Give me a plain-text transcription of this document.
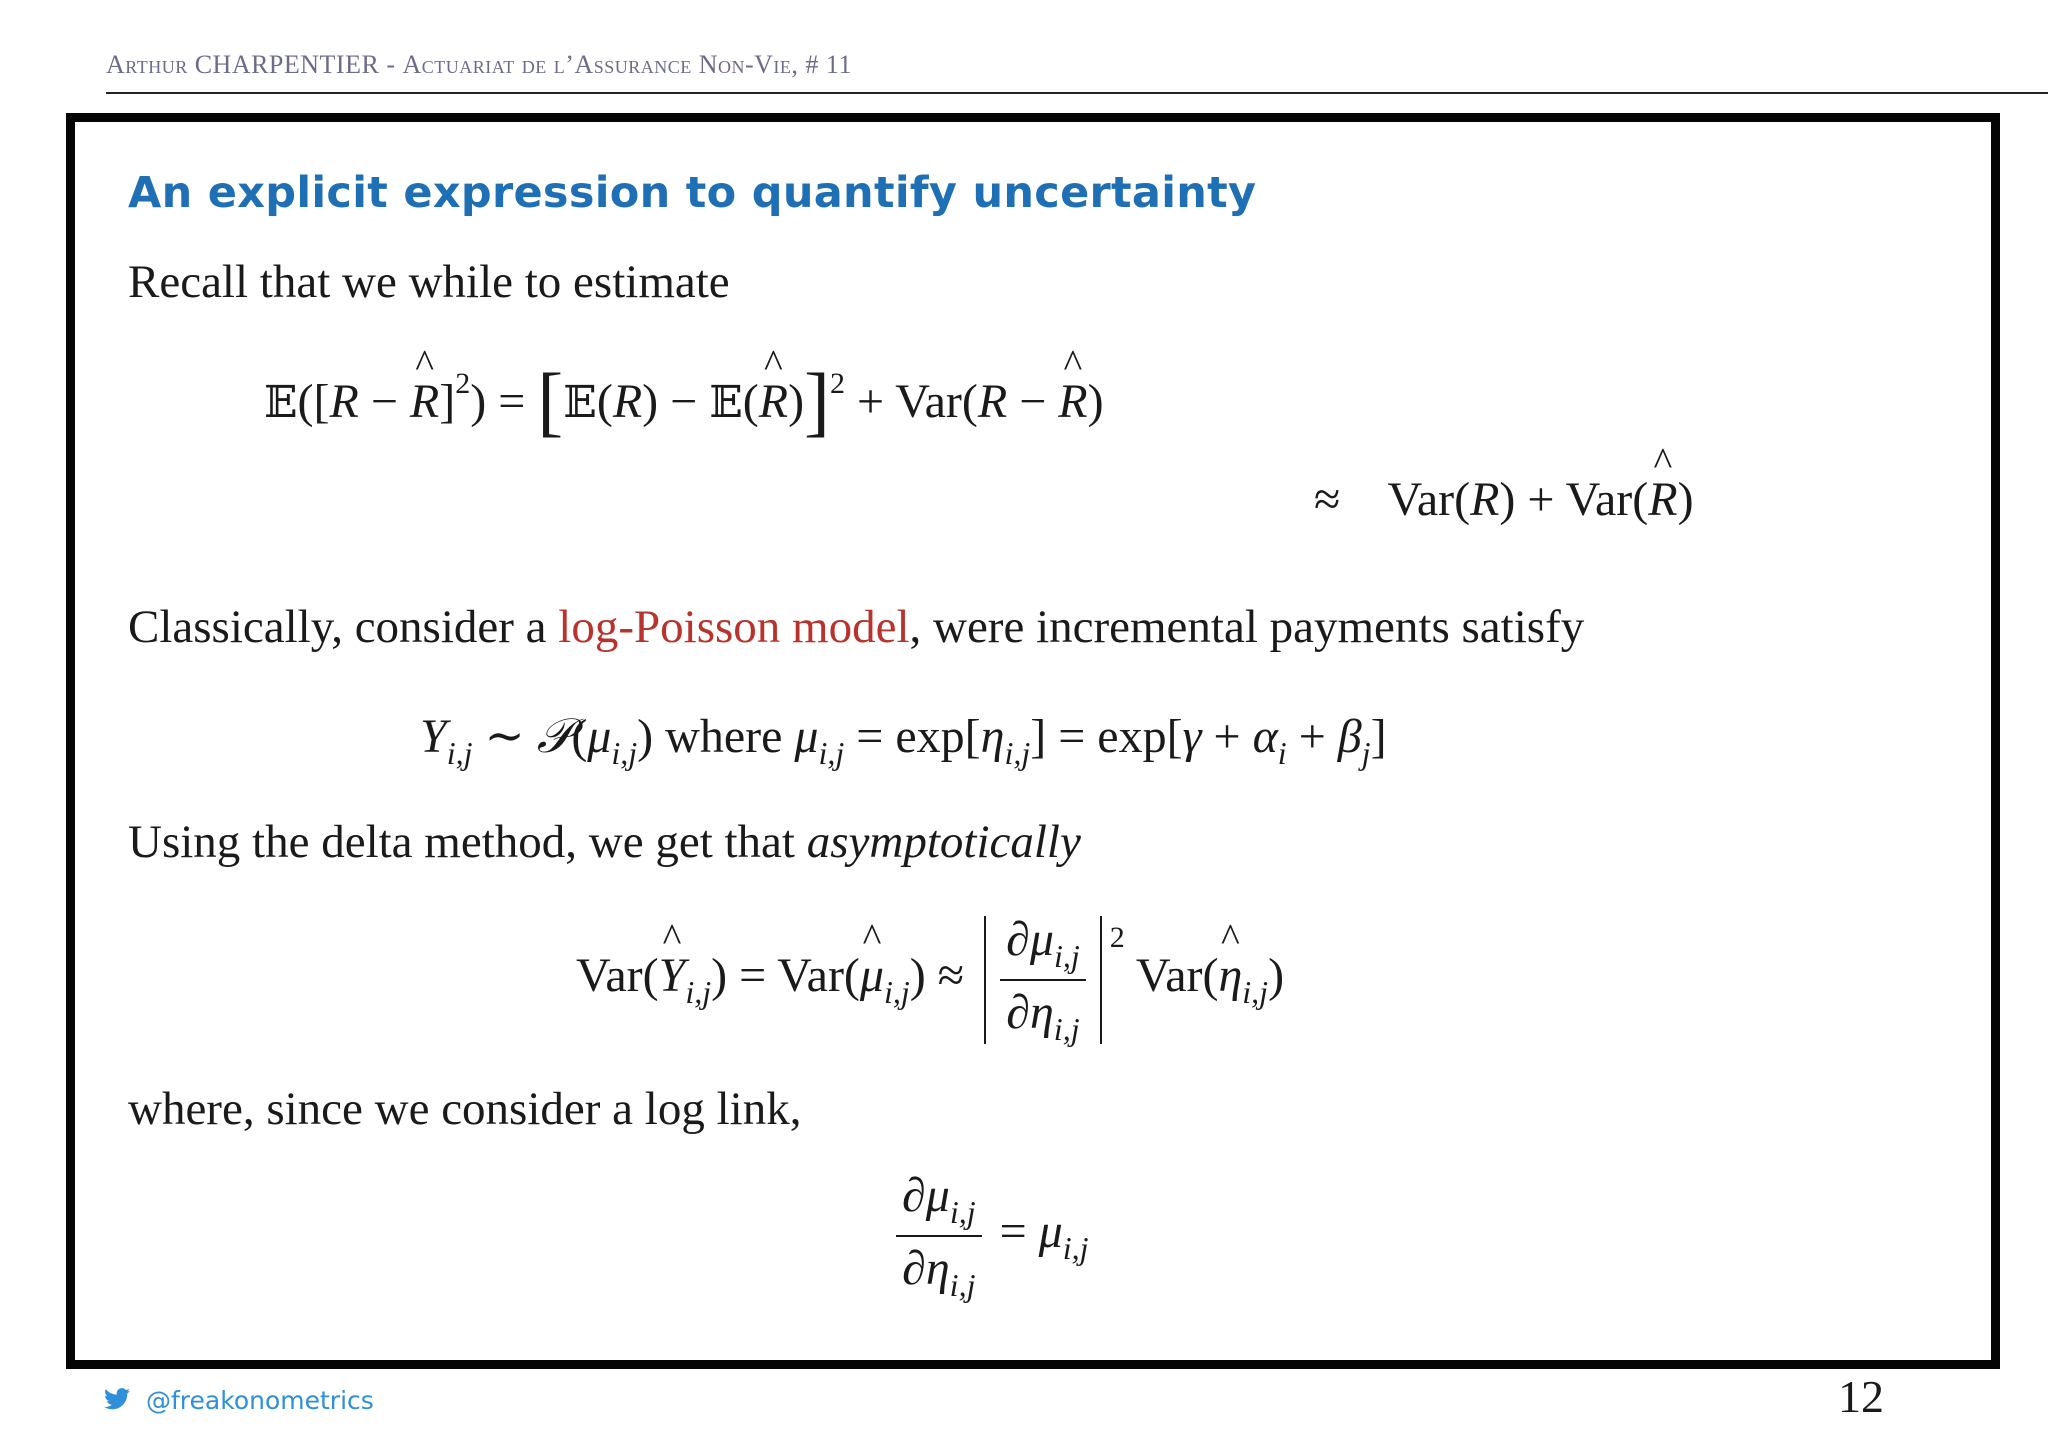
Arthur CHARPENTIER - Actuariat de l’Assurance Non-Vie, # 11
An explicit expression to quantify uncertainty
Recall that we while to estimate
𝔼([R − R
^
]$^2$) = [𝔼(R) − 𝔼(R
^
)]$^2$ + Var(R − R
^
)
≈    Var(R) + Var(R
^
)
Classically, consider a log-Poisson model, were incremental payments satisfy
$Y_{i,j}$ ∼ $𝒫(\mu_{i,j})$ where $\mu_{i,j} = \exp[\eta_{i,j}] = \exp[\gamma + \alpha_i + \beta_j]$
Using the delta method, we get that asymptotically
Var(Y
^
$_{i,j}$) = Var(μ
^
$_{i,j}) \approx \frac{\partial\mu_{i,j}}{\partial\eta_{i,j}} ^2$ Var(η
^
$_{i,j}$)
where, since we consider a log link,
$\frac{\partial\mu_{i,j}}{\partial\eta_{i,j}} = \mu_{i,j}$
@freakonometrics	12
